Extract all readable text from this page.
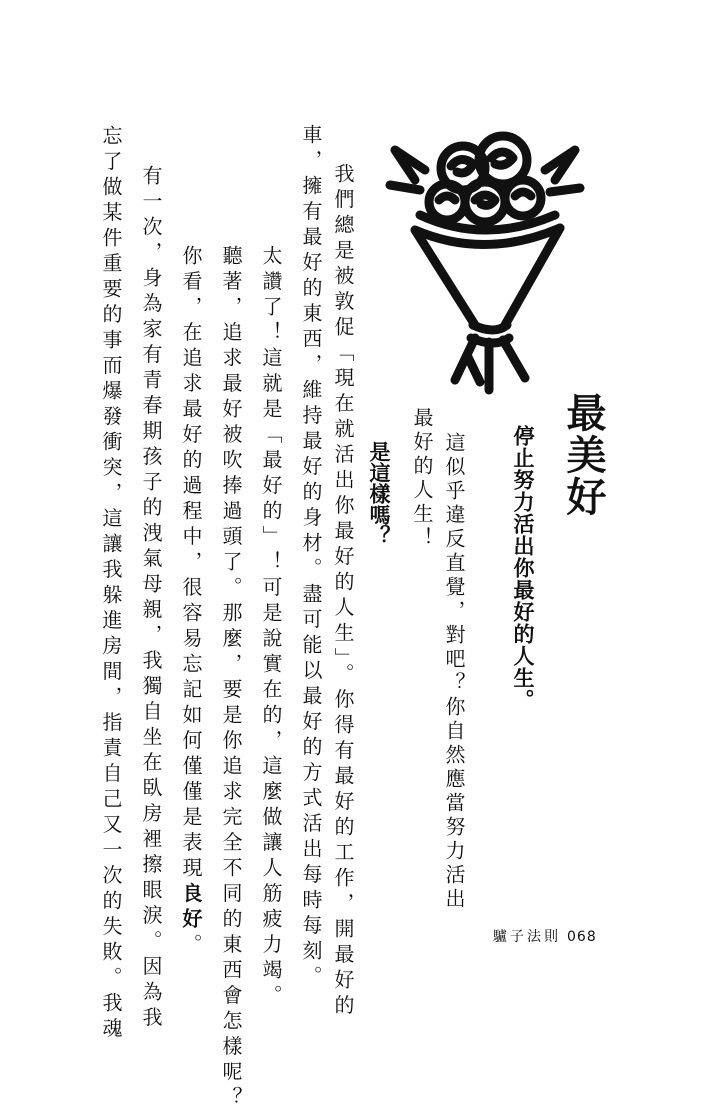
最美好
停止努力活出你最好的人生。
這似乎違反直覺，對吧？你自然應當努力活出
最好的人生！
是這樣嗎？
我們總是被敦促「現在就活出你最好的人生」。你得有最好的工作，開最好的
車，擁有最好的東西，維持最好的身材。盡可能以最好的方式活出每時每刻。
太讚了！這就是「最好的」！可是說實在的，這麼做讓人筋疲力竭。
聽著，追求最好被吹捧過頭了。那麼，要是你追求完全不同的東西會怎樣呢？
你看，在追求最好的過程中，很容易忘記如何僅僅是表現良好。
有一次，身為家有青春期孩子的洩氣母親，我獨自坐在臥房裡擦眼淚。因為我
忘了做某件重要的事而爆發衝突，這讓我躲進房間，指責自己又一次的失敗。我魂	驢子法則 068
